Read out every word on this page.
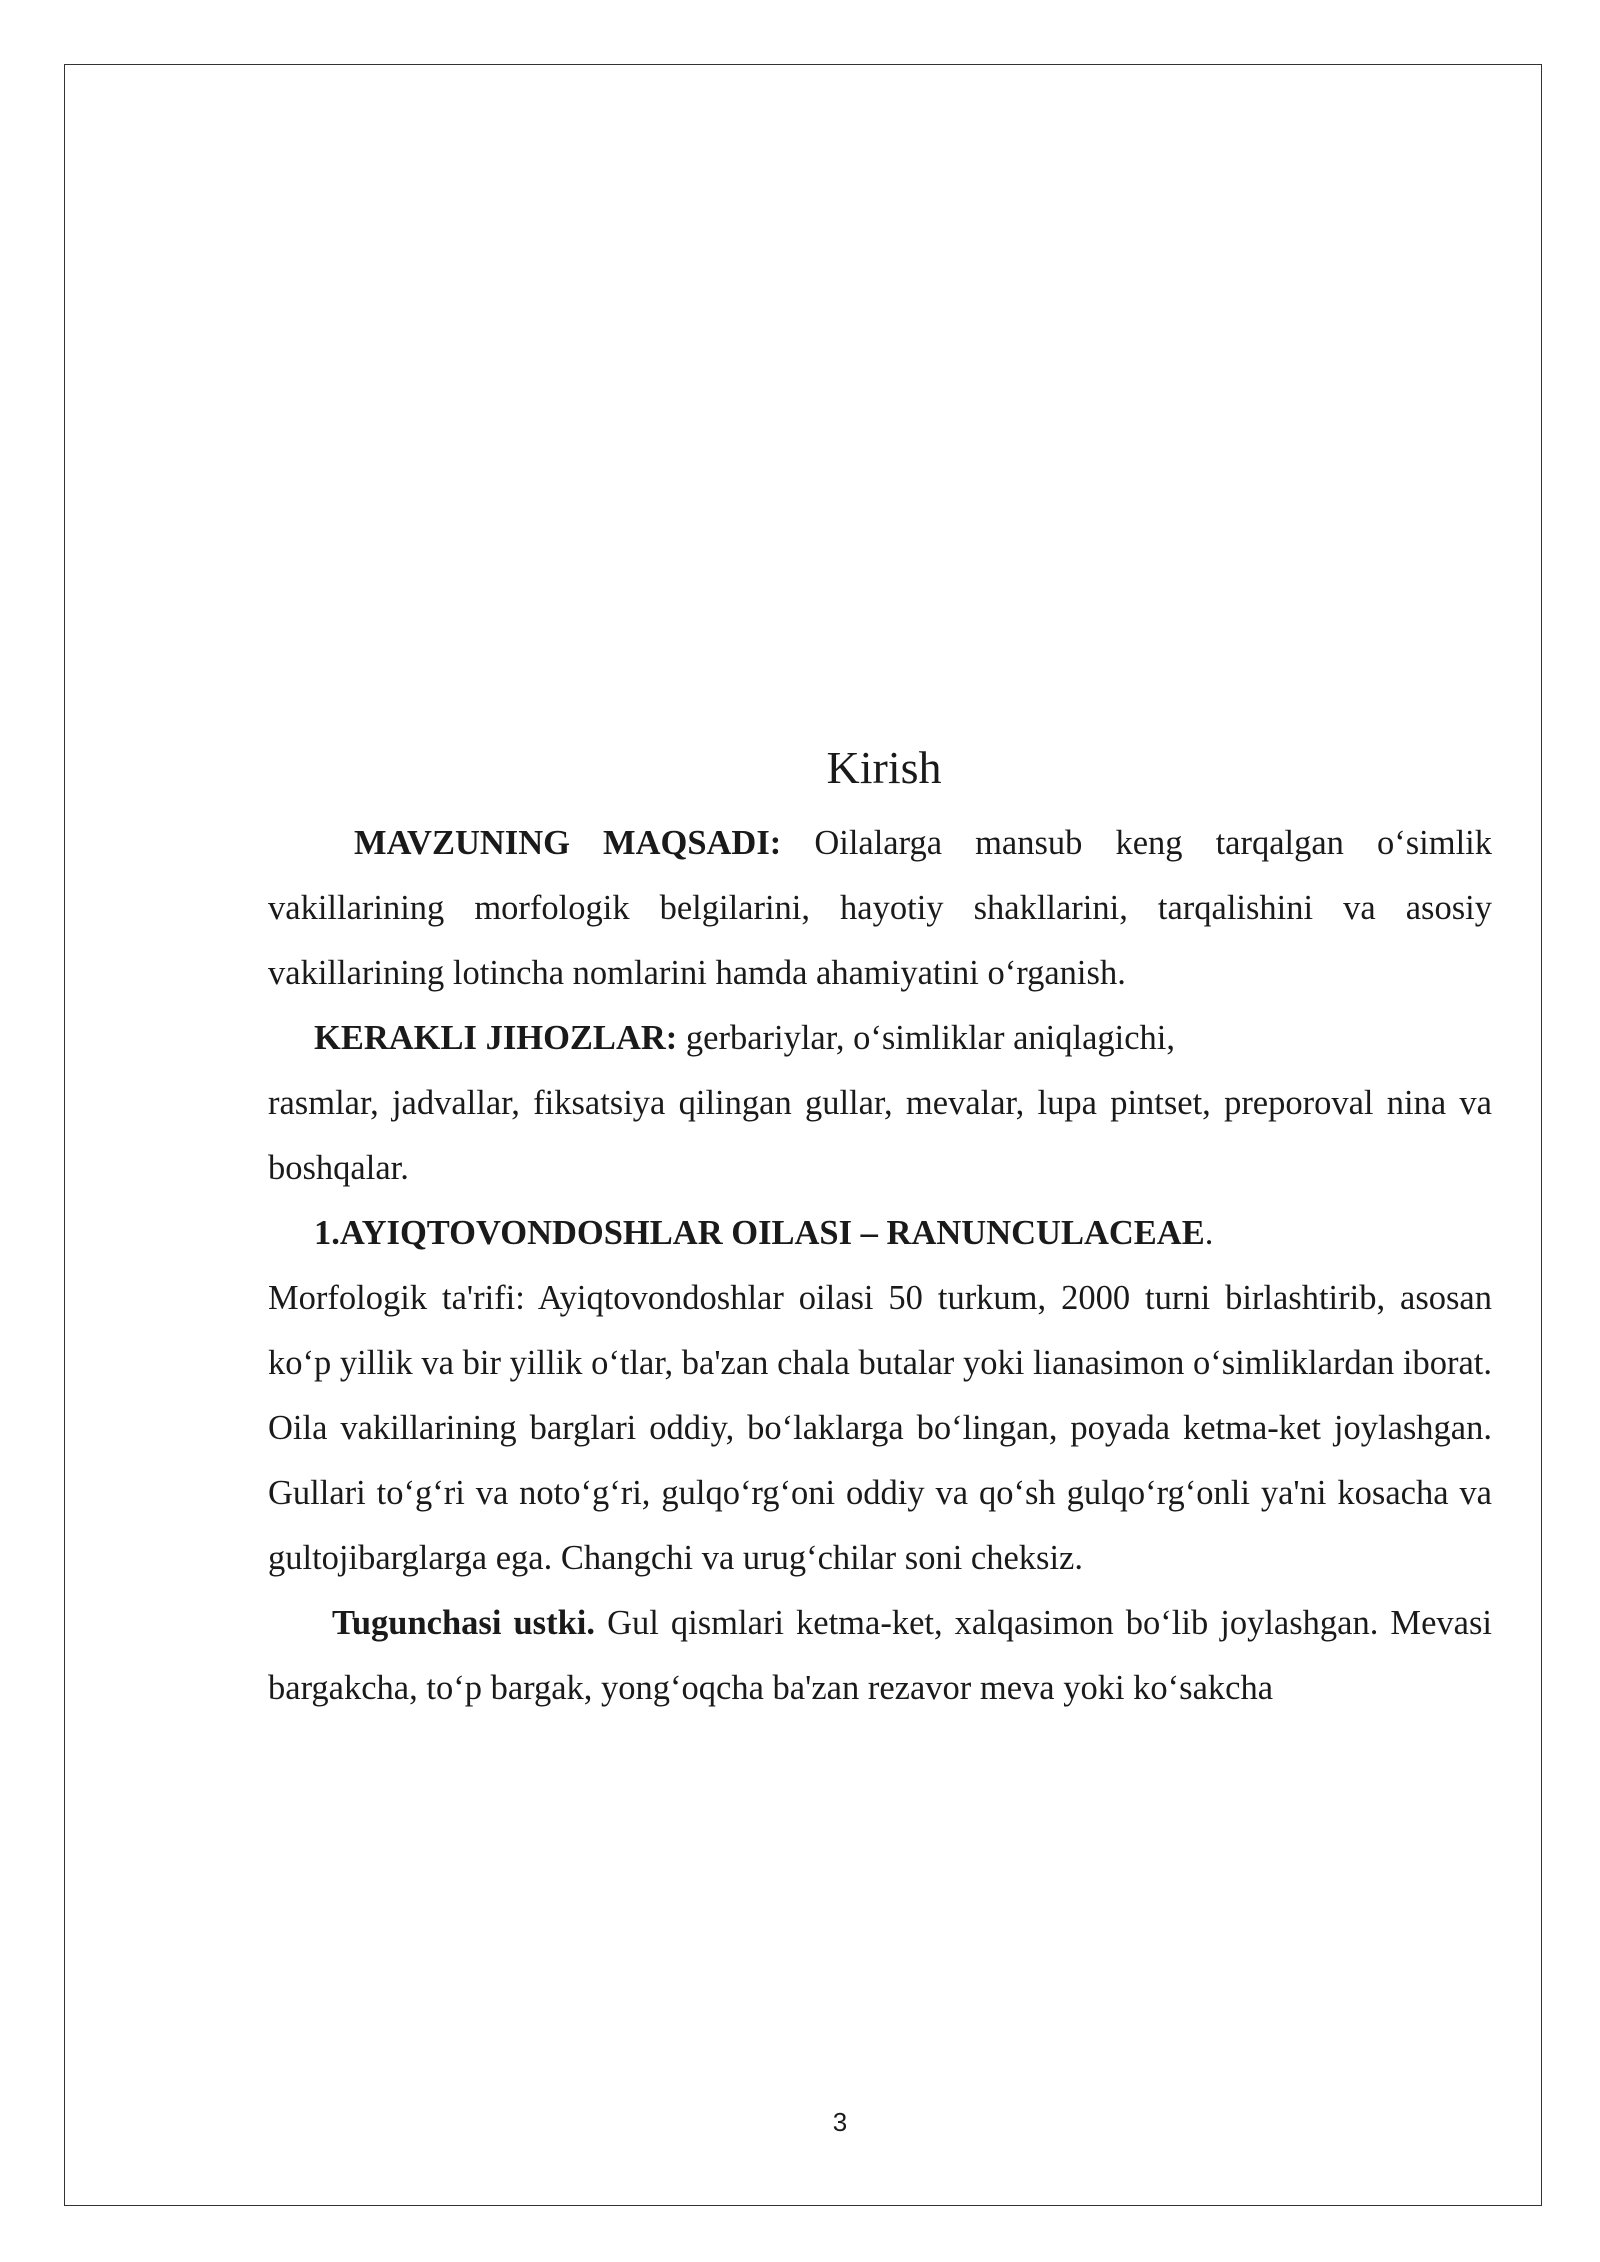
Kirish

MAVZUNING MAQSADI: Oilalarga mansub keng tarqalgan o‘simlik vakillarining morfologik belgilarini, hayotiy shakllarini, tarqalishini va asosiy vakillarining lotincha nomlarini hamda ahamiyatini o‘rganish.

KERAKLI JIHOZLAR: gerbariylar, o‘simliklar aniqlagichi,

rasmlar, jadvallar, fiksatsiya qilingan gullar, mevalar, lupa pintset, preporoval nina va boshqalar.

1.AYIQTOVONDOSHLAR OILASI – RANUNCULACEAE.

Morfologik ta'rifi: Ayiqtovondoshlar oilasi 50 turkum, 2000 turni birlashtirib, asosan ko‘p yillik va bir yillik o‘tlar, ba'zan chala butalar yoki lianasimon o‘simliklardan iborat. Oila vakillarining barglari oddiy, bo‘laklarga bo‘lingan, poyada ketma-ket joylashgan. Gullari to‘g‘ri va noto‘g‘ri, gulqo‘rg‘oni oddiy va qo‘sh gulqo‘rg‘onli ya'ni kosacha va gultojibarglarga ega. Changchi va urug‘chilar soni cheksiz.

Tugunchasi ustki. Gul qismlari ketma-ket, xalqasimon bo‘lib joylashgan. Mevasi bargakcha, to‘p bargak, yong‘oqcha ba'zan rezavor meva yoki ko‘sakcha

3
